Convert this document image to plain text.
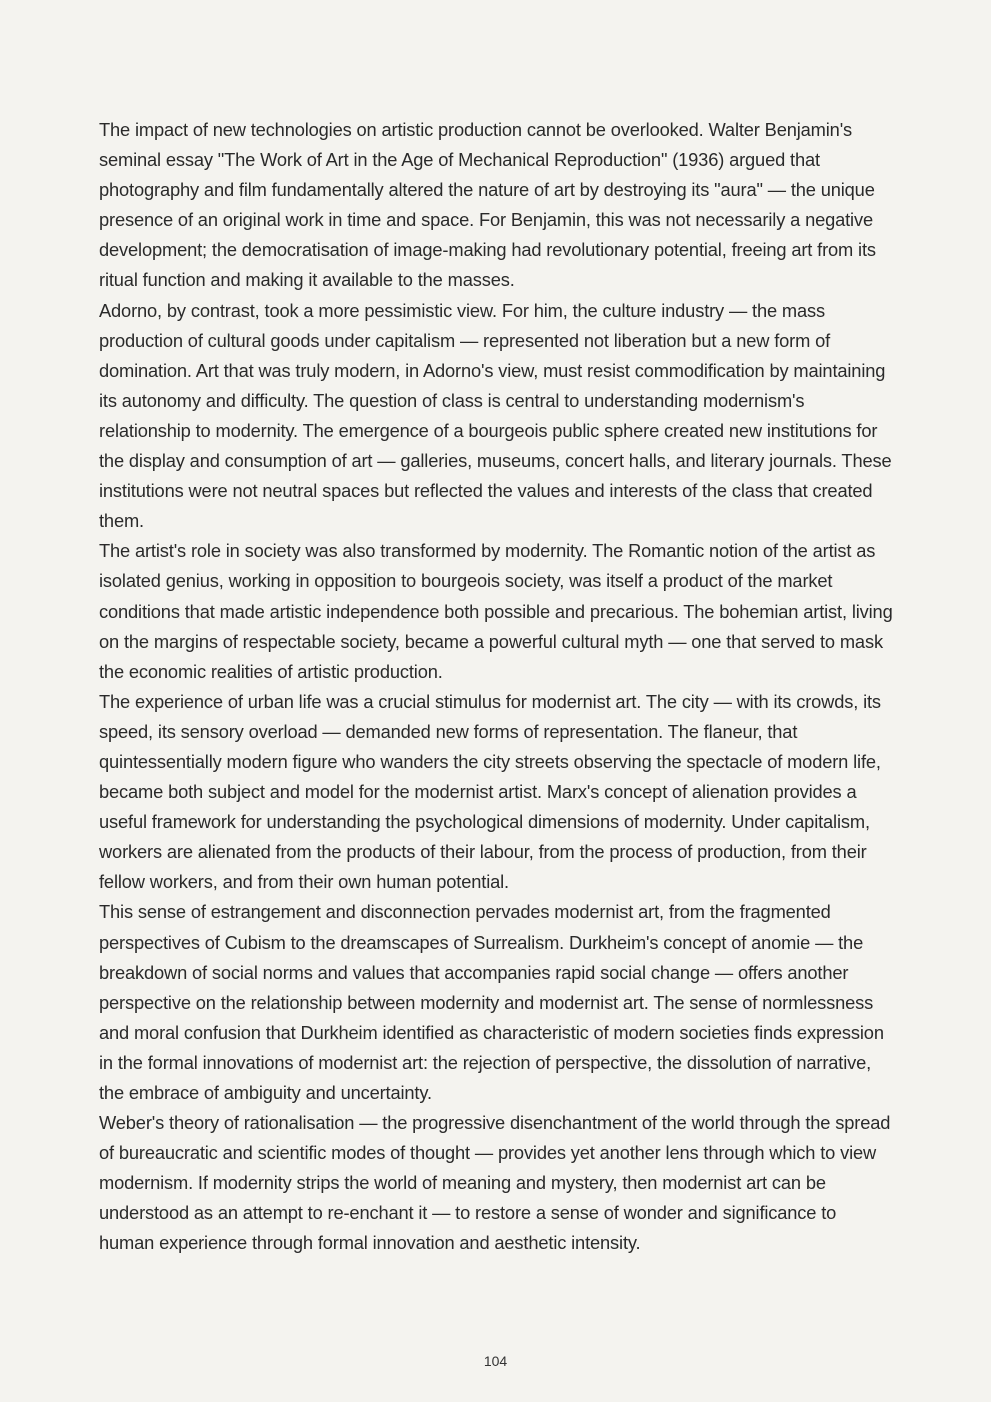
The impact of new technologies on artistic production cannot be overlooked. Walter Benjamin's seminal essay "The Work of Art in the Age of Mechanical Reproduction" (1936) argued that photography and film fundamentally altered the nature of art by destroying its "aura" — the unique presence of an original work in time and space. For Benjamin, this was not necessarily a negative development; the democratisation of image-making had revolutionary potential, freeing art from its ritual function and making it available to the masses.

Adorno, by contrast, took a more pessimistic view. For him, the culture industry — the mass production of cultural goods under capitalism — represented not liberation but a new form of domination. Art that was truly modern, in Adorno's view, must resist commodification by maintaining its autonomy and difficulty. The question of class is central to understanding modernism's relationship to modernity. The emergence of a bourgeois public sphere created new institutions for the display and consumption of art — galleries, museums, concert halls, and literary journals. These institutions were not neutral spaces but reflected the values and interests of the class that created them.

The artist's role in society was also transformed by modernity. The Romantic notion of the artist as isolated genius, working in opposition to bourgeois society, was itself a product of the market conditions that made artistic independence both possible and precarious. The bohemian artist, living on the margins of respectable society, became a powerful cultural myth — one that served to mask the economic realities of artistic production.

The experience of urban life was a crucial stimulus for modernist art. The city — with its crowds, its speed, its sensory overload — demanded new forms of representation. The flaneur, that quintessentially modern figure who wanders the city streets observing the spectacle of modern life, became both subject and model for the modernist artist. Marx's concept of alienation provides a useful framework for understanding the psychological dimensions of modernity. Under capitalism, workers are alienated from the products of their labour, from the process of production, from their fellow workers, and from their own human potential.

This sense of estrangement and disconnection pervades modernist art, from the fragmented perspectives of Cubism to the dreamscapes of Surrealism. Durkheim's concept of anomie — the breakdown of social norms and values that accompanies rapid social change — offers another perspective on the relationship between modernity and modernist art. The sense of normlessness and moral confusion that Durkheim identified as characteristic of modern societies finds expression in the formal innovations of modernist art: the rejection of perspective, the dissolution of narrative, the embrace of ambiguity and uncertainty.

Weber's theory of rationalisation — the progressive disenchantment of the world through the spread of bureaucratic and scientific modes of thought — provides yet another lens through which to view modernism. If modernity strips the world of meaning and mystery, then modernist art can be understood as an attempt to re-enchant it — to restore a sense of wonder and significance to human experience through formal innovation and aesthetic intensity.

104
